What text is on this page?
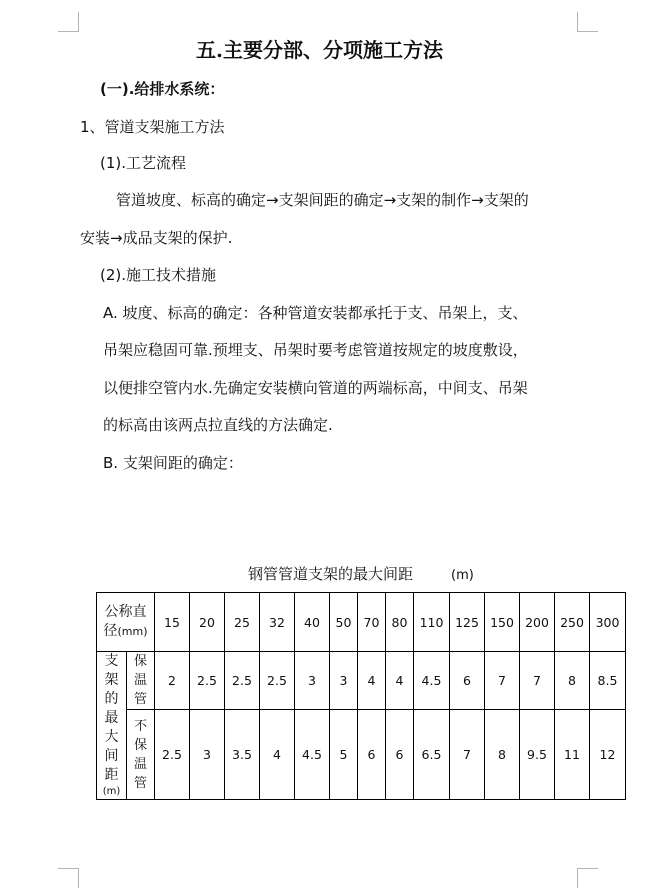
五.主要分部、分项施工方法
(一).给排水系统：
1、管道支架施工方法
(1).工艺流程
管道坡度、标高的确定→支架间距的确定→支架的制作→支架的
安装→成品支架的保护.
(2).施工技术措施
A. 坡度、标高的确定：各种管道安装都承托于支、吊架上，支、
吊架应稳固可靠.预埋支、吊架时要考虑管道按规定的坡度敷设，
以便排空管内水.先确定安装横向管道的两端标高，中间支、吊架
的标高由该两点拉直线的方法确定.
B. 支架间距的确定：
钢管管道支架的最大间距	(m)
公称直
径(mm)		15	20	25	32	40	50	70	80	110	125	150	200	250	300
支架的最大间距
(m)	保温管	2	2.5	2.5	2.5	3	3	4	4	4.5	6	7	7	8	8.5
	不保温管	2.5	3	3.5	4	4.5	5	6	6	6.5	7	8	9.5	11	12
